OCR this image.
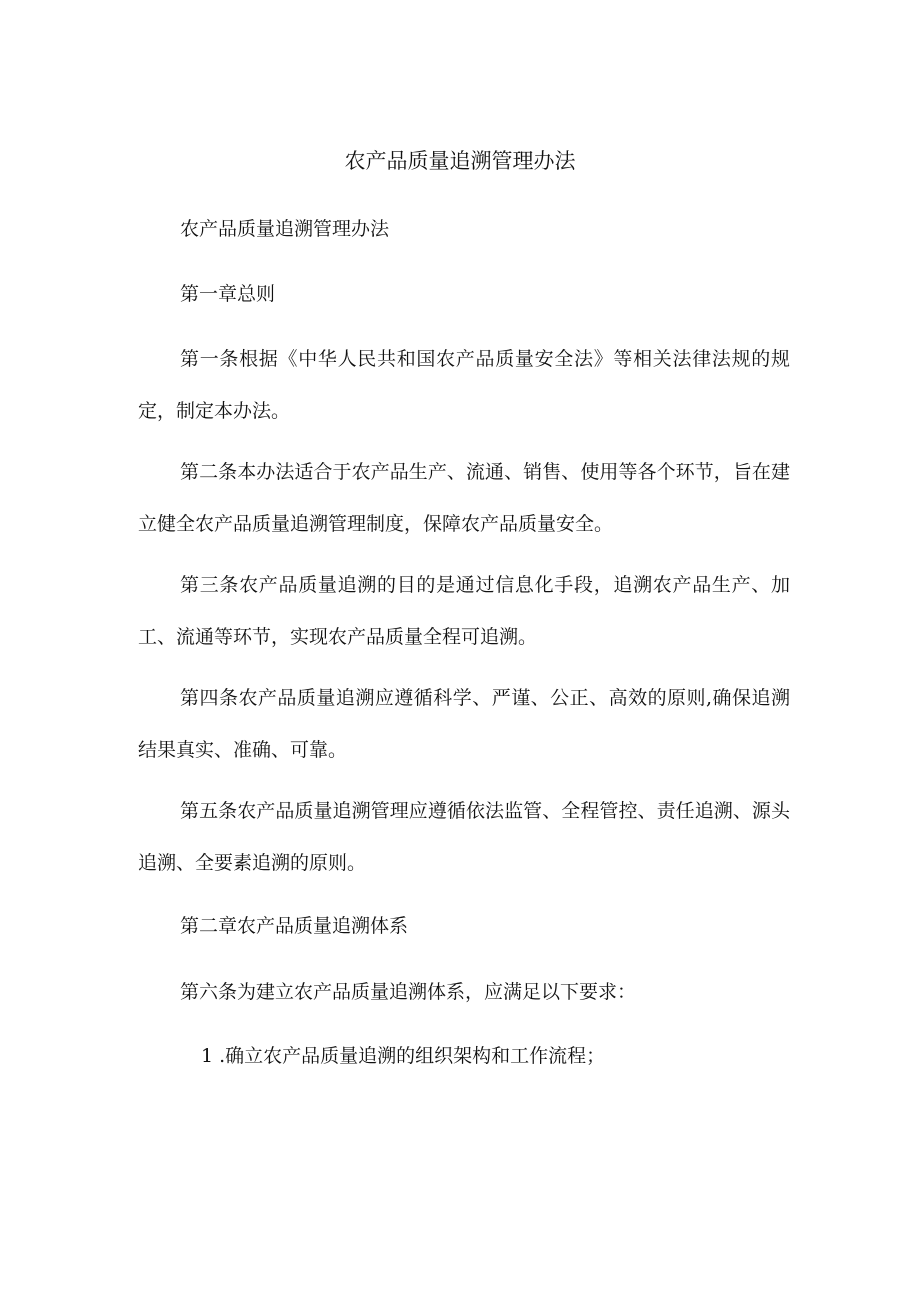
农产品质量追溯管理办法

农产品质量追溯管理办法

第一章总则

第一条根据《中华人民共和国农产品质量安全法》等相关法律法规的规定，制定本办法。

第二条本办法适合于农产品生产、流通、销售、使用等各个环节，旨在建立健全农产品质量追溯管理制度，保障农产品质量安全。

第三条农产品质量追溯的目的是通过信息化手段，追溯农产品生产、加工、流通等环节，实现农产品质量全程可追溯。

第四条农产品质量追溯应遵循科学、严谨、公正、高效的原则,确保追溯结果真实、准确、可靠。

第五条农产品质量追溯管理应遵循依法监管、全程管控、责任追溯、源头追溯、全要素追溯的原则。

第二章农产品质量追溯体系

第六条为建立农产品质量追溯体系，应满足以下要求：

1 .确立农产品质量追溯的组织架构和工作流程；
